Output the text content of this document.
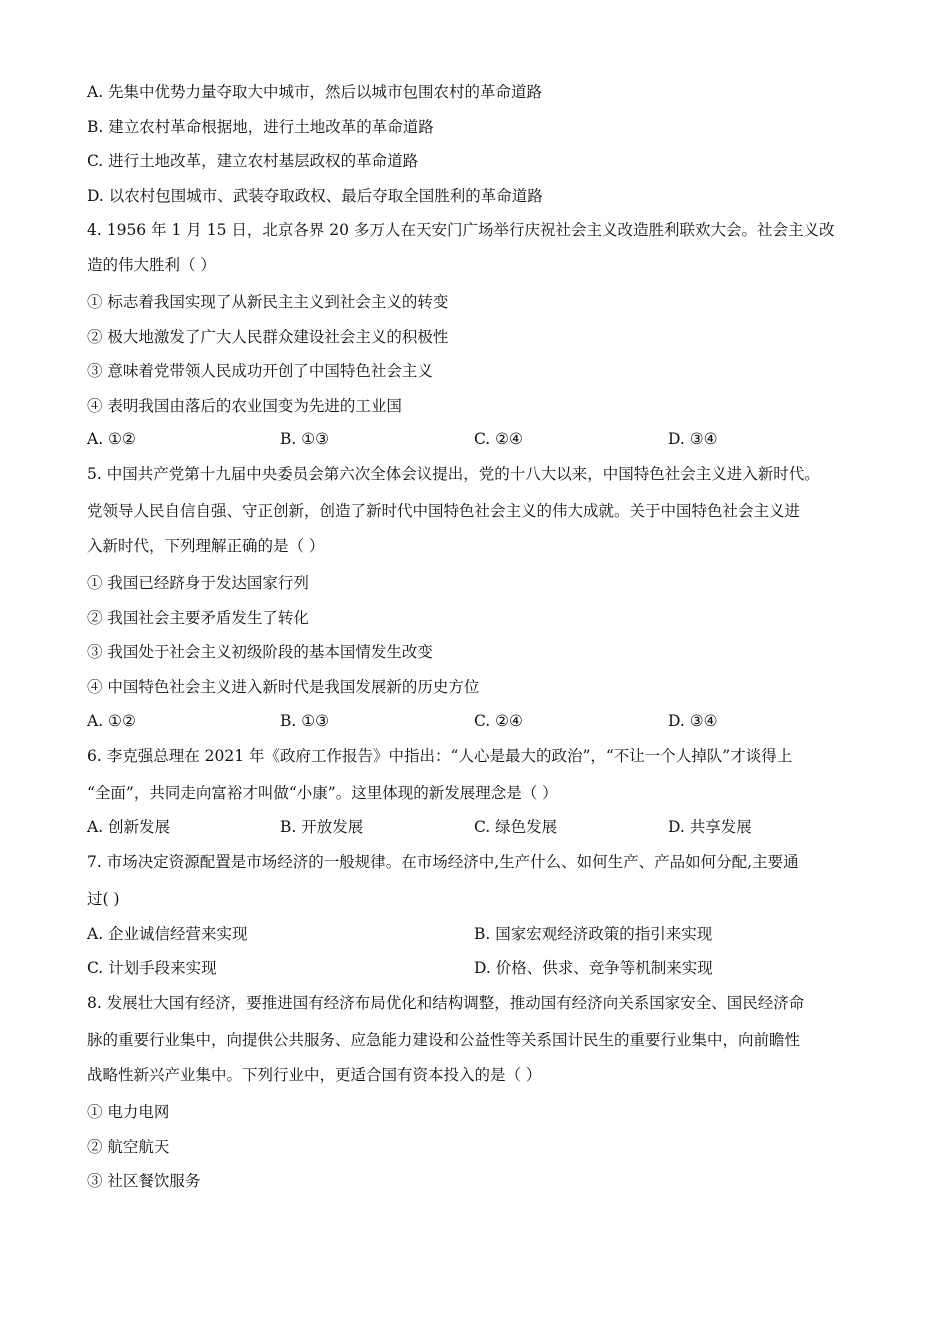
A. 先集中优势力量夺取大中城市，然后以城市包围农村的革命道路
B. 建立农村革命根据地，进行土地改革的革命道路
C. 进行土地改革，建立农村基层政权的革命道路
D. 以农村包围城市、武装夺取政权、最后夺取全国胜利的革命道路
4. 1956 年 1 月 15 日，北京各界 20 多万人在天安门广场举行庆祝社会主义改造胜利联欢大会。社会主义改
造的伟大胜利（ ）
① 标志着我国实现了从新民主主义到社会主义的转变
② 极大地激发了广大人民群众建设社会主义的积极性
③ 意味着党带领人民成功开创了中国特色社会主义
④ 表明我国由落后的农业国变为先进的工业国
A. ①②	B. ①③	C. ②④	D. ③④
5. 中国共产党第十九届中央委员会第六次全体会议提出，党的十八大以来，中国特色社会主义进入新时代。
党领导人民自信自强、守正创新，创造了新时代中国特色社会主义的伟大成就。关于中国特色社会主义进
入新时代，下列理解正确的是（ ）
① 我国已经跻身于发达国家行列
② 我国社会主要矛盾发生了转化
③ 我国处于社会主义初级阶段的基本国情发生改变
④ 中国特色社会主义进入新时代是我国发展新的历史方位
A. ①②	B. ①③	C. ②④	D. ③④
6. 李克强总理在 2021 年《政府工作报告》中指出：“人心是最大的政治”，“不让一个人掉队”才谈得上
“全面”，共同走向富裕才叫做“小康”。这里体现的新发展理念是（ ）
A. 创新发展	B. 开放发展	C. 绿色发展	D. 共享发展
7. 市场决定资源配置是市场经济的一般规律。在市场经济中,生产什么、如何生产、产品如何分配,主要通
过( )
A. 企业诚信经营来实现	B. 国家宏观经济政策的指引来实现
C. 计划手段来实现	D. 价格、供求、竞争等机制来实现
8. 发展壮大国有经济，要推进国有经济布局优化和结构调整，推动国有经济向关系国家安全、国民经济命
脉的重要行业集中，向提供公共服务、应急能力建设和公益性等关系国计民生的重要行业集中，向前瞻性
战略性新兴产业集中。下列行业中，更适合国有资本投入的是（ ）
① 电力电网
② 航空航天
③ 社区餐饮服务
